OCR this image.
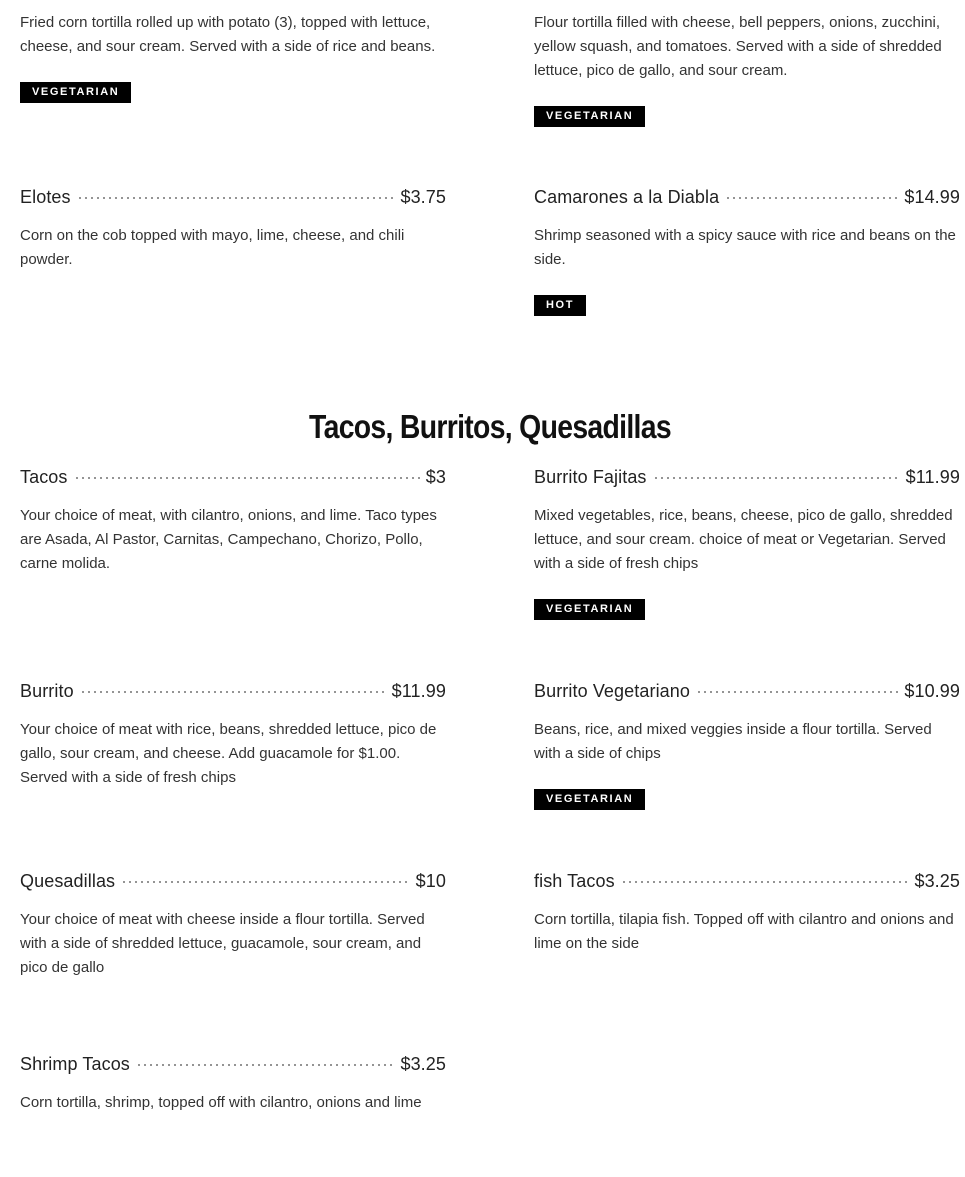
Fried corn tortilla rolled up with potato (3), topped with lettuce, cheese, and sour cream. Served with a side of rice and beans.
VEGETARIAN
Flour tortilla filled with cheese, bell peppers, onions, zucchini, yellow squash, and tomatoes. Served with a side of shredded lettuce, pico de gallo, and sour cream.
VEGETARIAN
Elotes	$3.75
Corn on the cob topped with mayo, lime, cheese, and chili powder.
Camarones a la Diabla	$14.99
Shrimp seasoned with a spicy sauce with rice and beans on the side.
HOT
Tacos, Burritos, Quesadillas
Tacos	$3
Your choice of meat, with cilantro, onions, and lime. Taco types are Asada, Al Pastor, Carnitas, Campechano, Chorizo, Pollo, carne molida.
Burrito Fajitas	$11.99
Mixed vegetables, rice, beans, cheese, pico de gallo, shredded lettuce, and sour cream. choice of meat or Vegetarian. Served with a side of fresh chips
VEGETARIAN
Burrito	$11.99
Your choice of meat with rice, beans, shredded lettuce, pico de gallo, sour cream, and cheese. Add guacamole for $1.00. Served with a side of fresh chips
Burrito Vegetariano	$10.99
Beans, rice, and mixed veggies inside a flour tortilla. Served with a side of chips
VEGETARIAN
Quesadillas	$10
Your choice of meat with cheese inside a flour tortilla. Served with a side of shredded lettuce, guacamole, sour cream, and pico de gallo
fish Tacos	$3.25
Corn tortilla, tilapia fish. Topped off with cilantro and onions and lime on the side
Shrimp Tacos	$3.25
Corn tortilla, shrimp, topped off with cilantro, onions and lime
